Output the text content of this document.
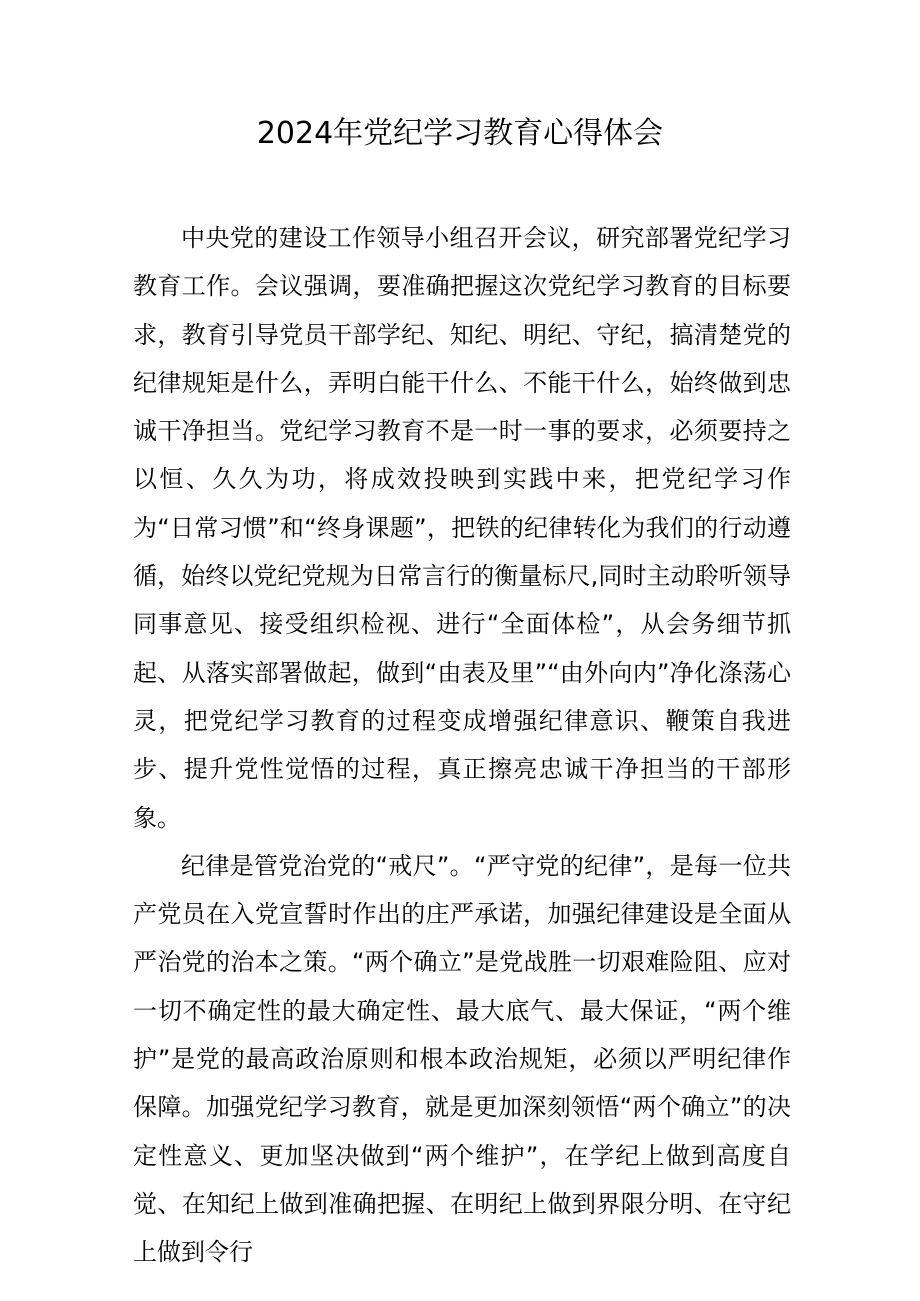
2024年党纪学习教育心得体会

中央党的建设工作领导小组召开会议，研究部署党纪学习教育工作。会议强调，要准确把握这次党纪学习教育的目标要求，教育引导党员干部学纪、知纪、明纪、守纪，搞清楚党的纪律规矩是什么，弄明白能干什么、不能干什么，始终做到忠诚干净担当。党纪学习教育不是一时一事的要求，必须要持之以恒、久久为功，将成效投映到实践中来，把党纪学习作为“日常习惯”和“终身课题”，把铁的纪律转化为我们的行动遵循，始终以党纪党规为日常言行的衡量标尺,同时主动聆听领导同事意见、接受组织检视、进行“全面体检”，从会务细节抓起、从落实部署做起，做到“由表及里”“由外向内”净化涤荡心灵，把党纪学习教育的过程变成增强纪律意识、鞭策自我进步、提升党性觉悟的过程，真正擦亮忠诚干净担当的干部形象。

纪律是管党治党的“戒尺”。“严守党的纪律”，是每一位共产党员在入党宣誓时作出的庄严承诺，加强纪律建设是全面从严治党的治本之策。“两个确立”是党战胜一切艰难险阻、应对一切不确定性的最大确定性、最大底气、最大保证，“两个维护”是党的最高政治原则和根本政治规矩，必须以严明纪律作保障。加强党纪学习教育，就是更加深刻领悟“两个确立”的决定性意义、更加坚决做到“两个维护”，在学纪上做到高度自觉、在知纪上做到准确把握、在明纪上做到界限分明、在守纪上做到令行
